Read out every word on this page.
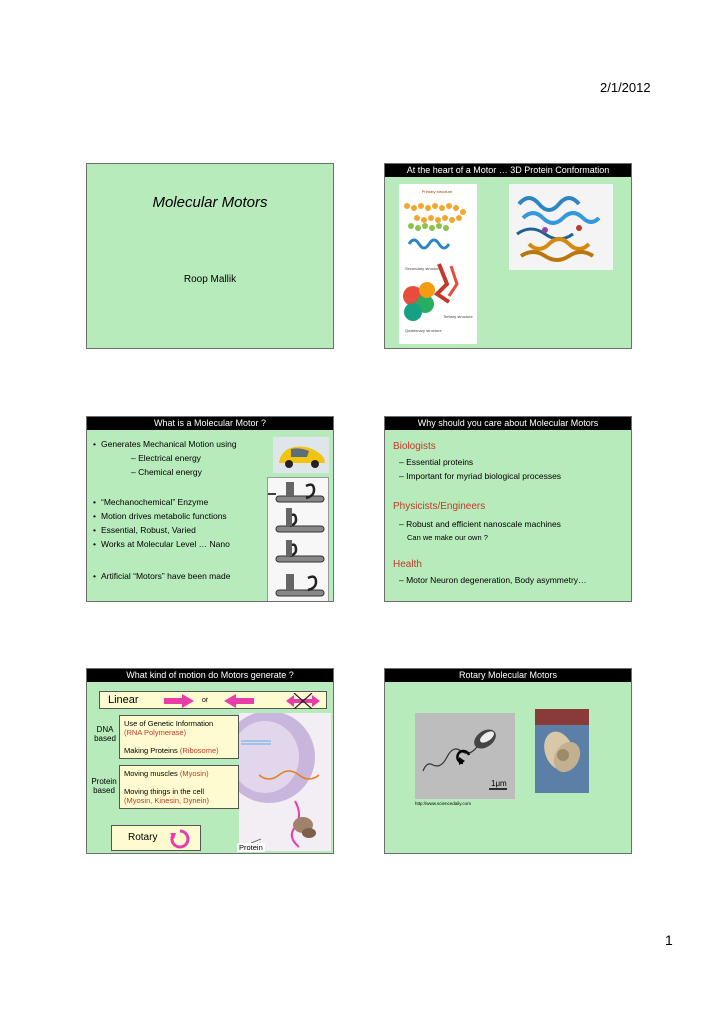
2/1/2012
Molecular Motors
Roop Mallik
At the heart of a Motor … 3D Protein Conformation
Primary structure
Secondary structure
Tertiary structure
Quaternary structure
What is a Molecular Motor ?
• Generates Mechanical Motion using
– Electrical energy
– Chemical energy
• “Mechanochemical” Enzyme
• Motion drives metabolic functions
• Essential, Robust, Varied
• Works at Molecular Level … Nano
• Artificial “Motors” have been made
Why should you care about Molecular Motors
Biologists
– Essential proteins
– Important for myriad biological processes
Physicists/Engineers
– Robust and efficient nanoscale machines
Can we make our own ?
Health
– Motor Neuron degeneration, Body asymmetry…
What kind of motion do Motors generate ?
Linear	or
DNA based
Use of Genetic Information
(RNA Polymerase)
Making Proteins (Ribosome)
Protein based
Moving muscles (Myosin)
Moving things in the cell
(Myosin, Kinesin, Dynein)
Rotary
Protein
Rotary Molecular Motors
1μm
http://www.sciencedaily.com
1
